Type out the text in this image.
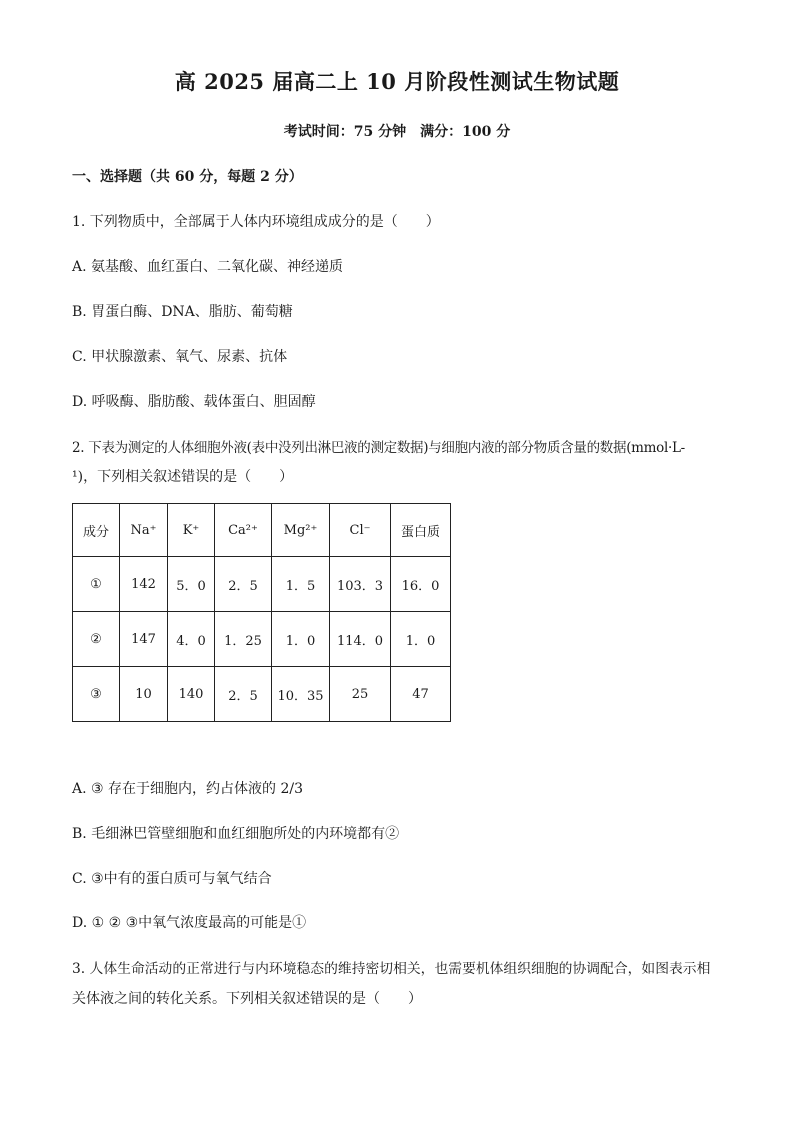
高 2025 届高二上 10 月阶段性测试生物试题
考试时间：75 分钟　满分：100 分
一、选择题（共 60 分，每题 2 分）
1. 下列物质中，全部属于人体内环境组成成分的是（　　）
A. 氨基酸、血红蛋白、二氧化碳、神经递质
B. 胃蛋白酶、DNA、脂肪、葡萄糖
C. 甲状腺激素、氧气、尿素、抗体
D. 呼吸酶、脂肪酸、载体蛋白、胆固醇
2. 下表为测定的人体细胞外液(表中没列出淋巴液的测定数据)与细胞内液的部分物质含量的数据(mmol·L-
¹)，下列相关叙述错误的是（　　）
成分	Na⁺	K⁺	Ca²⁺	Mg²⁺	Cl⁻	蛋白质
①	142	5．0	2．5	1．5	103．3	16．0
②	147	4．0	1．25	1．0	114．0	1．0
③	10	140	2．5	10．35	25	47
A. ③ 存在于细胞内，约占体液的 2/3
B. 毛细淋巴管壁细胞和血红细胞所处的内环境都有②
C. ③中有的蛋白质可与氧气结合
D. ① ② ③中氧气浓度最高的可能是①
3. 人体生命活动的正常进行与内环境稳态的维持密切相关，也需要机体组织细胞的协调配合，如图表示相
关体液之间的转化关系。下列相关叙述错误的是（　　）
